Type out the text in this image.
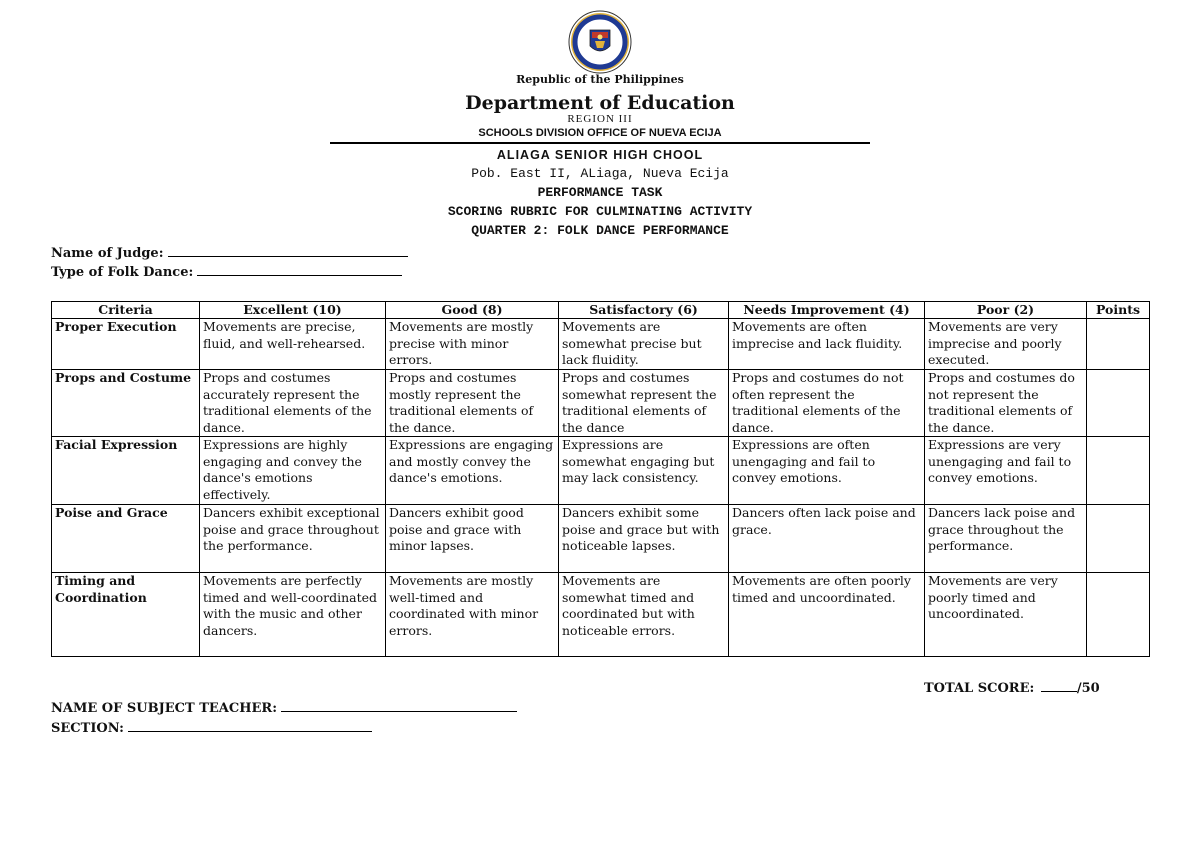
Republic of the Philippines
Department of Education
REGION III
SCHOOLS DIVISION OFFICE OF NUEVA ECIJA
ALIAGA SENIOR HIGH CHOOL
Pob. East II, ALiaga, Nueva Ecija
PERFORMANCE TASK
SCORING RUBRIC FOR CULMINATING ACTIVITY
QUARTER 2: FOLK DANCE PERFORMANCE
Name of Judge:
Type of Folk Dance:
Criteria	Excellent (10)	Good (8)	Satisfactory (6)	Needs Improvement (4)	Poor (2)	Points
Proper Execution	Movements are precise, fluid, and well-rehearsed.	Movements are mostly precise with minor errors.	Movements are somewhat precise but lack fluidity.	Movements are often imprecise and lack fluidity.	Movements are very imprecise and poorly executed.	
Props and Costume	Props and costumes accurately represent the traditional elements of the dance.	Props and costumes mostly represent the traditional elements of the dance.	Props and costumes somewhat represent the traditional elements of the dance	Props and costumes do not often represent the traditional elements of the dance.	Props and costumes do not represent the traditional elements of the dance.	
Facial Expression	Expressions are highly engaging and convey the dance's emotions effectively.	Expressions are engaging and mostly convey the dance's emotions.	Expressions are somewhat engaging but may lack consistency.	Expressions are often unengaging and fail to convey emotions.	Expressions are very unengaging and fail to convey emotions.	
Poise and Grace	Dancers exhibit exceptional poise and grace throughout the performance.	Dancers exhibit good poise and grace with minor lapses.	Dancers exhibit some poise and grace but with noticeable lapses.	Dancers often lack poise and grace.	Dancers lack poise and grace throughout the performance.	
Timing and Coordination	Movements are perfectly timed and well-coordinated with the music and other dancers.	Movements are mostly well-timed and coordinated with minor errors.	Movements are somewhat timed and coordinated but with noticeable errors.	Movements are often poorly timed and uncoordinated.	Movements are very poorly timed and uncoordinated.	
TOTAL SCORE:	/50
NAME OF SUBJECT TEACHER:
SECTION:
